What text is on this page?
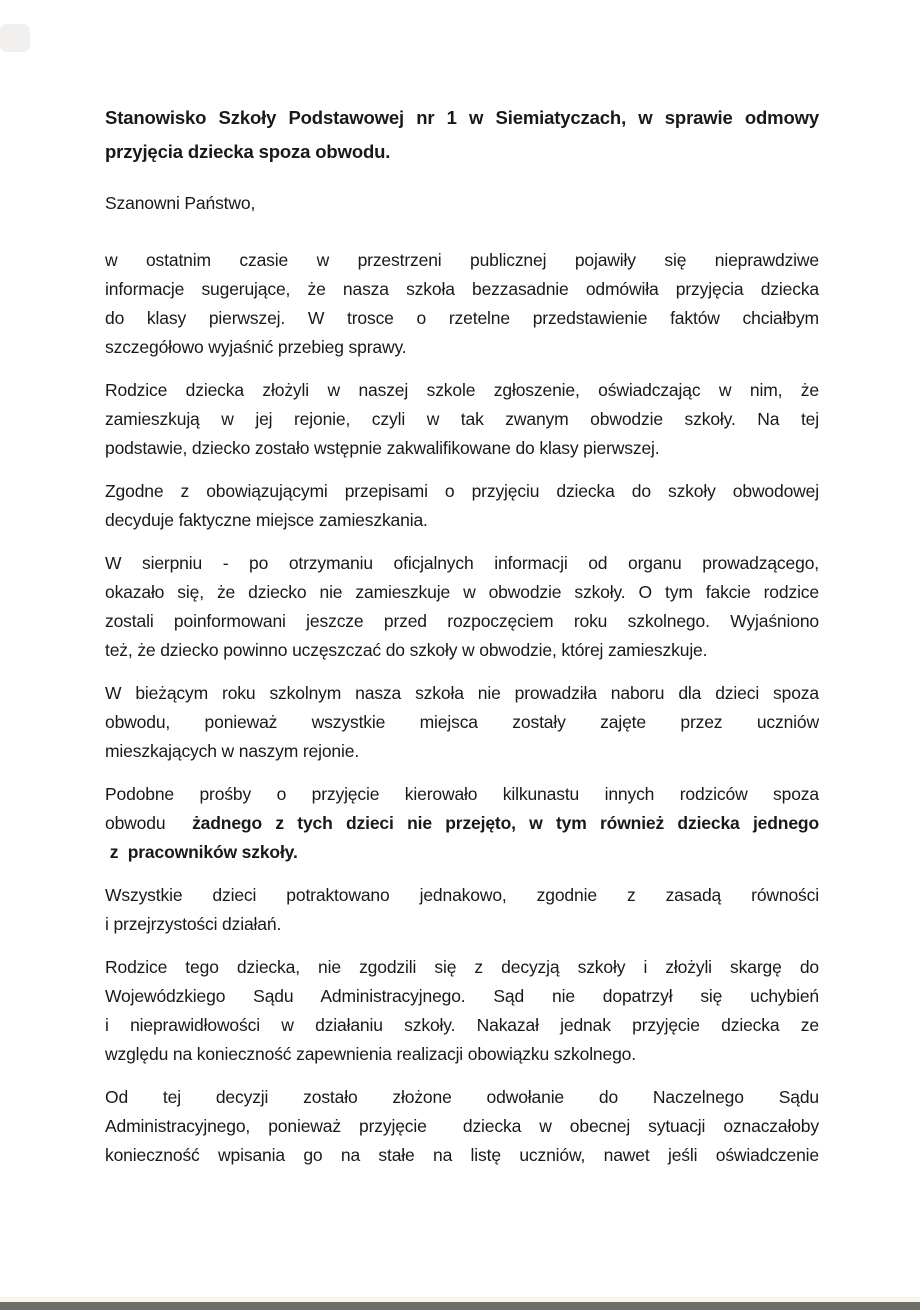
Stanowisko Szkoły Podstawowej nr 1 w Siemiatyczach, w sprawie odmowy
przyjęcia dziecka spoza obwodu.
Szanowni Państwo,
w ostatnim czasie w przestrzeni publicznej pojawiły się nieprawdziwe
informacje sugerujące, że nasza szkoła bezzasadnie odmówiła przyjęcia dziecka
do klasy pierwszej. W trosce o rzetelne przedstawienie faktów chciałbym
szczegółowo wyjaśnić przebieg sprawy.
Rodzice dziecka złożyli w naszej szkole zgłoszenie, oświadczając w nim, że
zamieszkują w jej rejonie, czyli w tak zwanym obwodzie szkoły. Na tej
podstawie, dziecko zostało wstępnie zakwalifikowane do klasy pierwszej.
Zgodne z obowiązującymi przepisami o przyjęciu dziecka do szkoły obwodowej
decyduje faktyczne miejsce zamieszkania.
W sierpniu - po otrzymaniu oficjalnych informacji od organu prowadzącego,
okazało się, że dziecko nie zamieszkuje w obwodzie szkoły. O tym fakcie rodzice
zostali poinformowani jeszcze przed rozpoczęciem roku szkolnego. Wyjaśniono
też, że dziecko powinno uczęszczać do szkoły w obwodzie, której zamieszkuje.
W bieżącym roku szkolnym nasza szkoła nie prowadziła naboru dla dzieci spoza
obwodu, ponieważ wszystkie miejsca zostały zajęte przez uczniów
mieszkających w naszym rejonie.
Podobne prośby o przyjęcie kierowało kilkunastu innych rodziców spoza
obwodu  żadnego z tych dzieci nie przejęto, w tym również dziecka jednego
z  pracowników szkoły.
Wszystkie dzieci potraktowano jednakowo, zgodnie z zasadą równości
i przejrzystości działań.
Rodzice tego dziecka, nie zgodzili się z decyzją szkoły i złożyli skargę do
Wojewódzkiego Sądu Administracyjnego. Sąd nie dopatrzył się uchybień
i nieprawidłowości w działaniu szkoły. Nakazał jednak przyjęcie dziecka ze
względu na konieczność zapewnienia realizacji obowiązku szkolnego.
Od tej decyzji zostało złożone odwołanie do Naczelnego Sądu
Administracyjnego, ponieważ przyjęcie  dziecka w obecnej sytuacji oznaczałoby
konieczność wpisania go na stałe na listę uczniów, nawet jeśli oświadczenie
